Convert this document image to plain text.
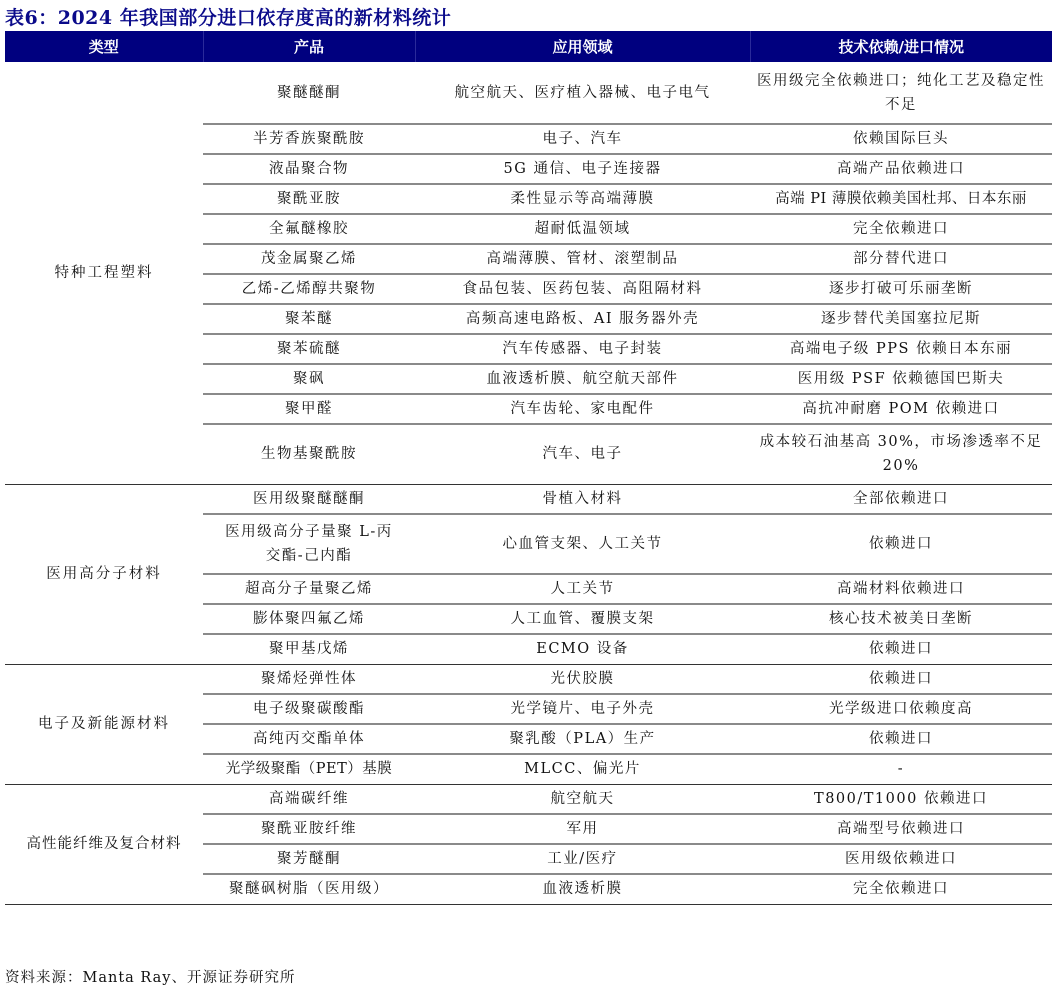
表6：2024 年我国部分进口依存度高的新材料统计
类型	产品	应用领域	技术依赖/进口情况
特种工程塑料	聚醚醚酮	航空航天、医疗植入器械、电子电气	医用级完全依赖进口；纯化工艺及稳定性不足
	半芳香族聚酰胺	电子、汽车	依赖国际巨头
	液晶聚合物	5G 通信、电子连接器	高端产品依赖进口
	聚酰亚胺	柔性显示等高端薄膜	高端 PI 薄膜依赖美国杜邦、日本东丽
	全氟醚橡胶	超耐低温领域	完全依赖进口
	茂金属聚乙烯	高端薄膜、管材、滚塑制品	部分替代进口
	乙烯-乙烯醇共聚物	食品包装、医药包装、高阻隔材料	逐步打破可乐丽垄断
	聚苯醚	高频高速电路板、AI 服务器外壳	逐步替代美国塞拉尼斯
	聚苯硫醚	汽车传感器、电子封装	高端电子级 PPS 依赖日本东丽
	聚砜	血液透析膜、航空航天部件	医用级 PSF 依赖德国巴斯夫
	聚甲醛	汽车齿轮、家电配件	高抗冲耐磨 POM 依赖进口
	生物基聚酰胺	汽车、电子	成本较石油基高 30%，市场渗透率不足 20%
医用高分子材料	医用级聚醚醚酮	骨植入材料	全部依赖进口
	医用级高分子量聚 L-丙交酯-己内酯	心血管支架、人工关节	依赖进口
	超高分子量聚乙烯	人工关节	高端材料依赖进口
	膨体聚四氟乙烯	人工血管、覆膜支架	核心技术被美日垄断
	聚甲基戊烯	ECMO 设备	依赖进口
电子及新能源材料	聚烯烃弹性体	光伏胶膜	依赖进口
	电子级聚碳酸酯	光学镜片、电子外壳	光学级进口依赖度高
	高纯丙交酯单体	聚乳酸（PLA）生产	依赖进口
	光学级聚酯（PET）基膜	MLCC、偏光片	-
高性能纤维及复合材料	高端碳纤维	航空航天	T800/T1000 依赖进口
	聚酰亚胺纤维	军用	高端型号依赖进口
	聚芳醚酮	工业/医疗	医用级依赖进口
	聚醚砜树脂（医用级）	血液透析膜	完全依赖进口
资料来源：Manta Ray、开源证券研究所
